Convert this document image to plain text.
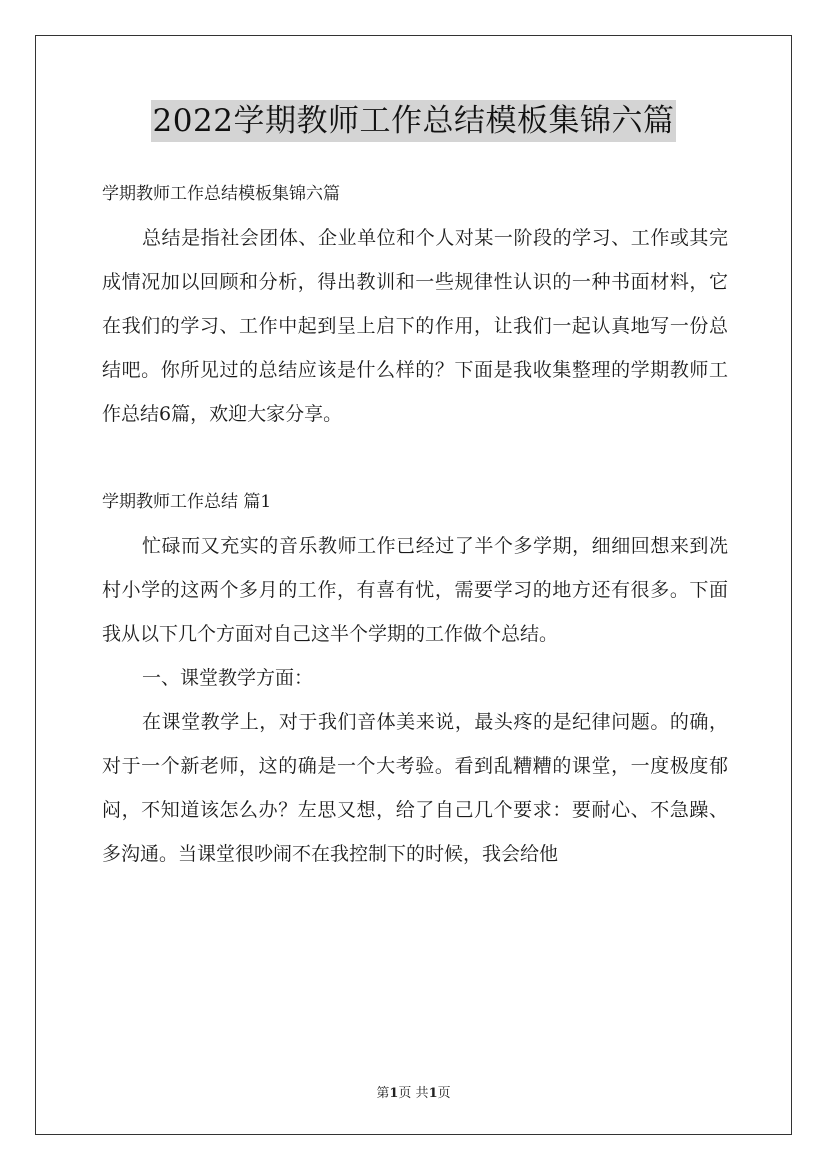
2022学期教师工作总结模板集锦六篇

学期教师工作总结模板集锦六篇

总结是指社会团体、企业单位和个人对某一阶段的学习、工作或其完成情况加以回顾和分析，得出教训和一些规律性认识的一种书面材料，它在我们的学习、工作中起到呈上启下的作用，让我们一起认真地写一份总结吧。你所见过的总结应该是什么样的？下面是我收集整理的学期教师工作总结6篇，欢迎大家分享。

学期教师工作总结 篇1

忙碌而又充实的音乐教师工作已经过了半个多学期，细细回想来到冼村小学的这两个多月的工作，有喜有忧，需要学习的地方还有很多。下面我从以下几个方面对自己这半个学期的工作做个总结。

一、课堂教学方面：

在课堂教学上，对于我们音体美来说，最头疼的是纪律问题。的确，对于一个新老师，这的确是一个大考验。看到乱糟糟的课堂，一度极度郁闷，不知道该怎么办？左思又想，给了自己几个要求：要耐心、不急躁、多沟通。当课堂很吵闹不在我控制下的时候，我会给他

第1页 共1页
